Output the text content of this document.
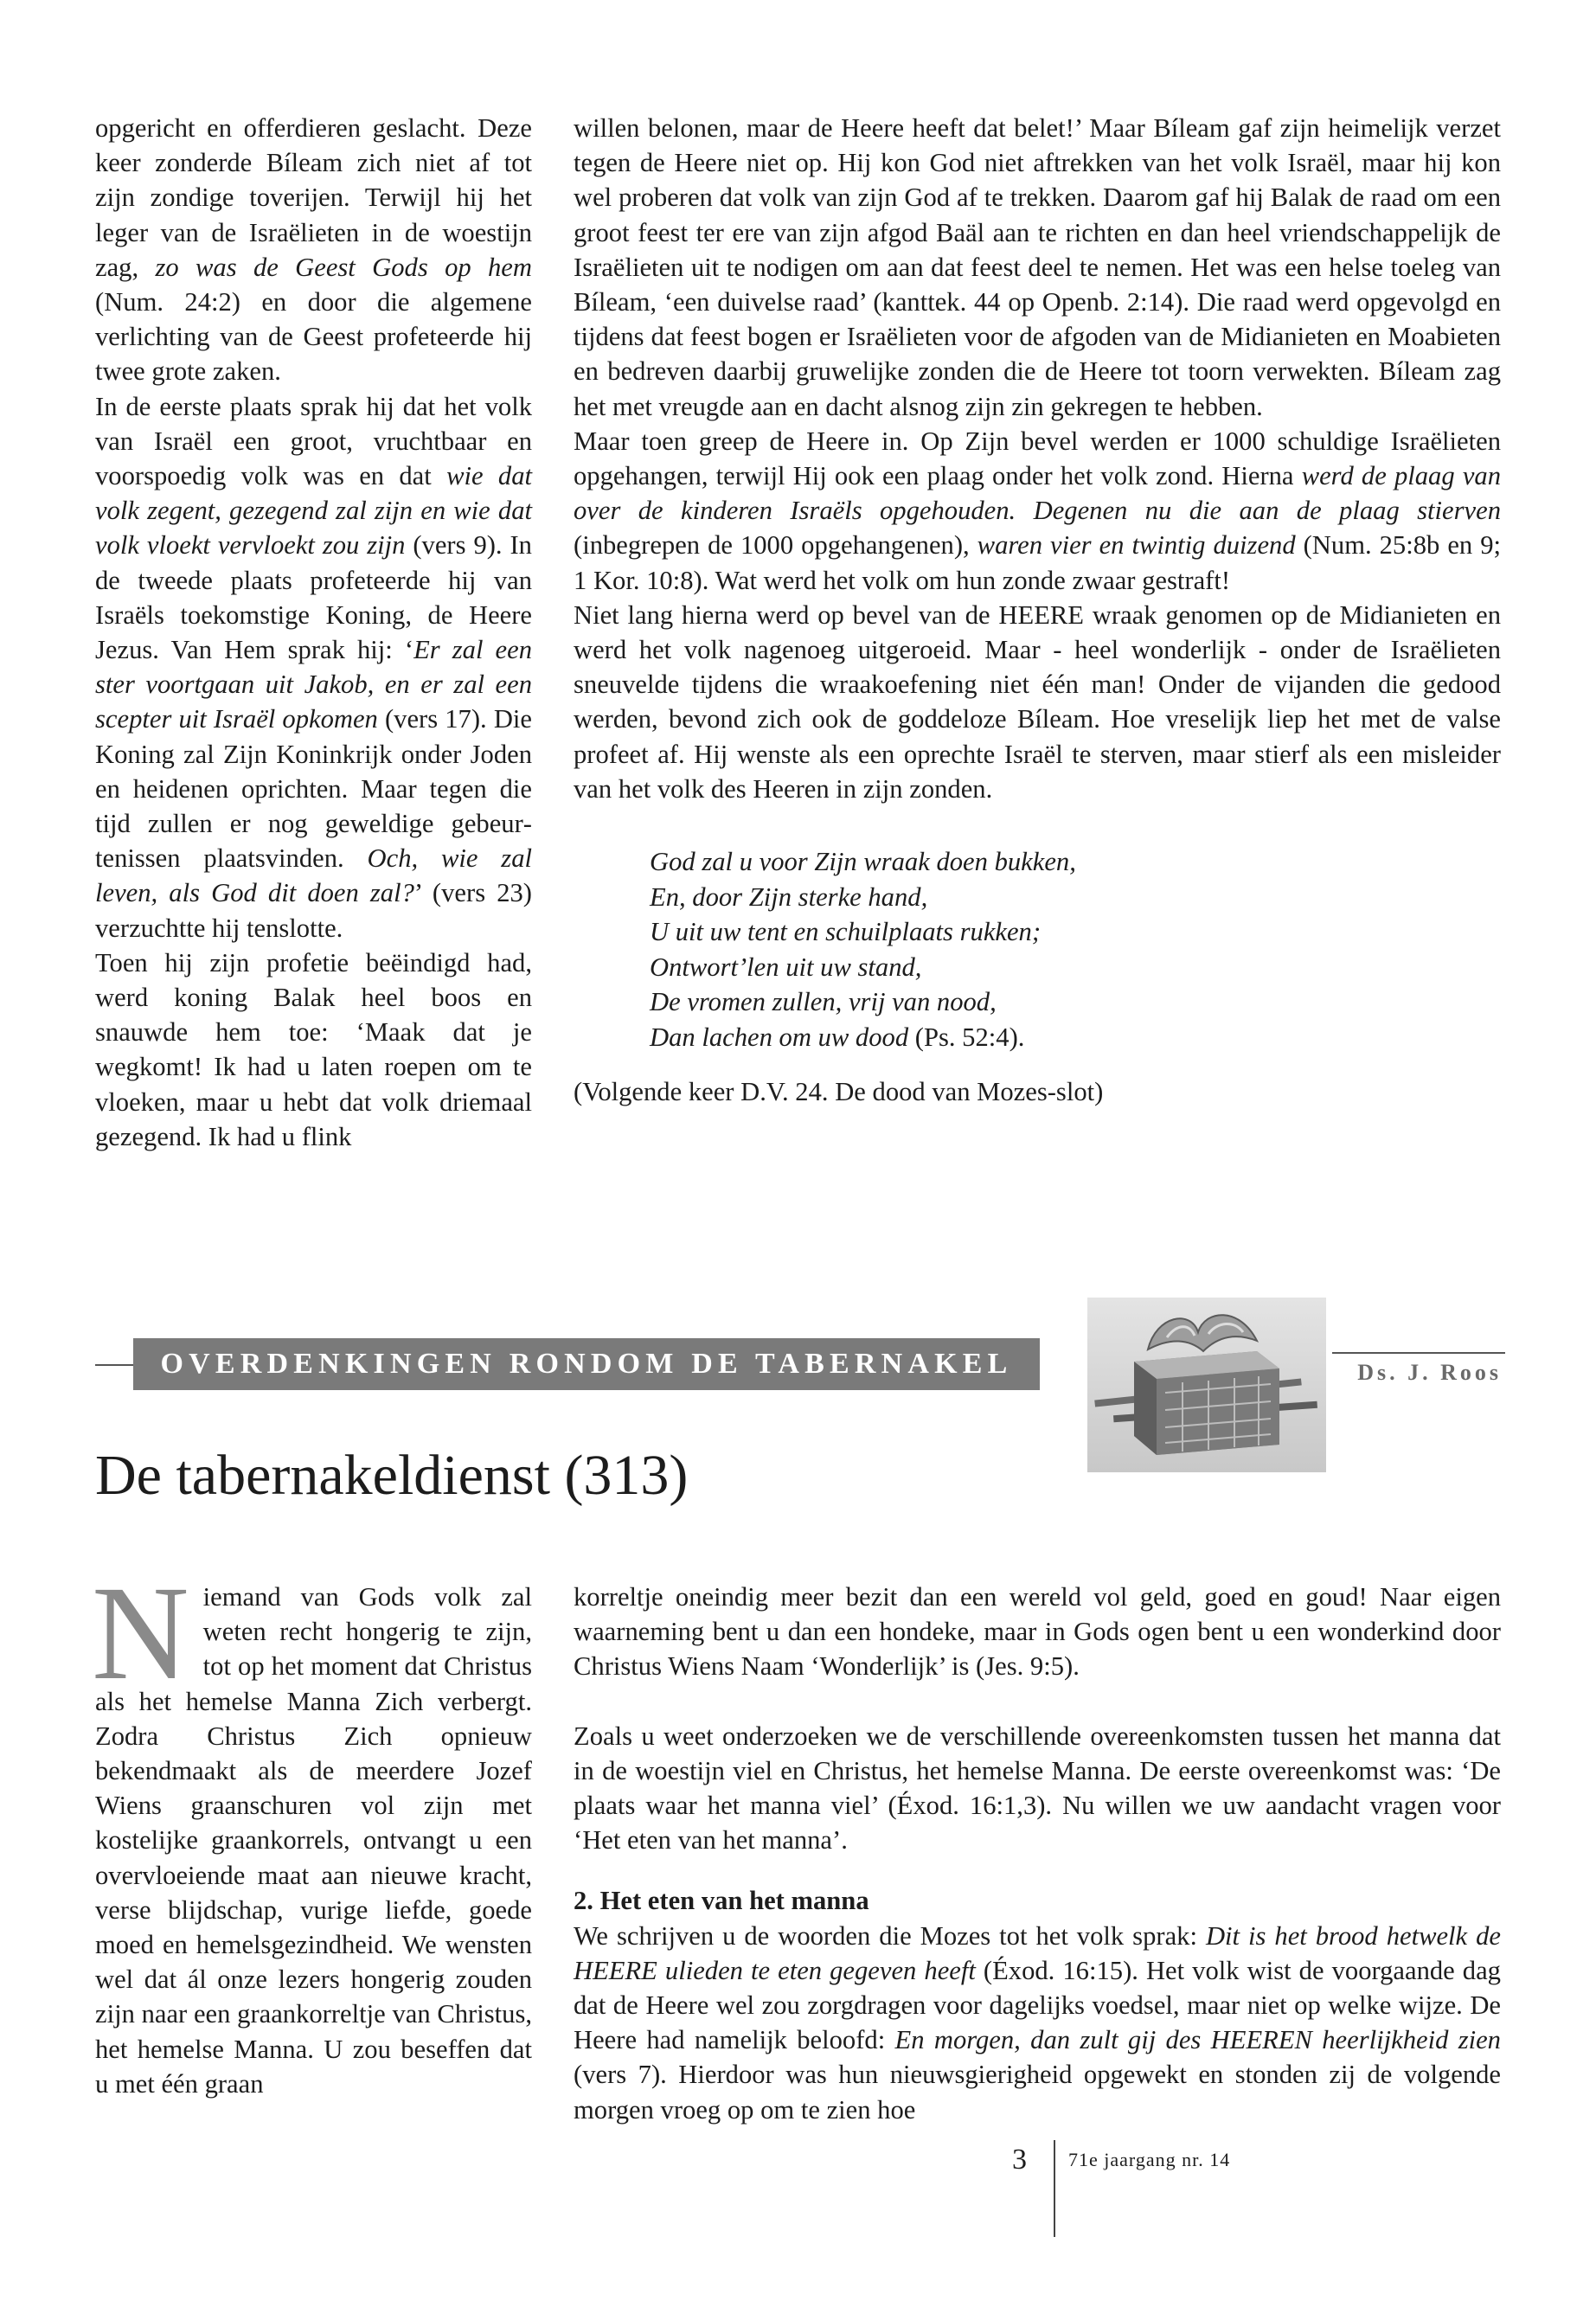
opgericht en offerdieren geslacht. Deze keer zonderde Bíleam zich niet af tot zijn zondige toverijen. Terwijl hij het leger van de Israëlieten in de woestijn zag, zo was de Geest Gods op hem (Num. 24:2) en door die algemene verlichting van de Geest profeteerde hij twee grote zaken.

In de eerste plaats sprak hij dat het volk van Israël een groot, vruchtbaar en voorspoedig volk was en dat wie dat volk zegent, gezegend zal zijn en wie dat volk vloekt vervloekt zou zijn (vers 9). In de tweede plaats profeteerde hij van Israëls toekomstige Koning, de Heere Jezus. Van Hem sprak hij: ‘Er zal een ster voortgaan uit Jakob, en er zal een scepter uit Israël opkomen (vers 17). Die Koning zal Zijn Koninkrijk onder Joden en heidenen oprichten. Maar tegen die tijd zullen er nog geweldige gebeurtenissen plaatsvinden. Och, wie zal leven, als God dit doen zal?’ (vers 23) verzuchtte hij tenslotte.

Toen hij zijn profetie beëindigd had, werd koning Balak heel boos en snauwde hem toe: ‘Maak dat je wegkomt! Ik had u laten roepen om te vloeken, maar u hebt dat volk driemaal gezegend. Ik had u flink

willen belonen, maar de Heere heeft dat belet!’ Maar Bíleam gaf zijn heimelijk verzet tegen de Heere niet op. Hij kon God niet aftrekken van het volk Israël, maar hij kon wel proberen dat volk van zijn God af te trekken. Daarom gaf hij Balak de raad om een groot feest ter ere van zijn afgod Baäl aan te richten en dan heel vriendschappelijk de Israëlieten uit te nodigen om aan dat feest deel te nemen. Het was een helse toeleg van Bíleam, ‘een duivelse raad’ (kanttek. 44 op Openb. 2:14). Die raad werd opgevolgd en tijdens dat feest bogen er Israëlieten voor de afgoden van de Midianieten en Moabieten en bedreven daarbij gruwelijke zonden die de Heere tot toorn verwekten. Bíleam zag het met vreugde aan en dacht alsnog zijn zin gekregen te hebben.

Maar toen greep de Heere in. Op Zijn bevel werden er 1000 schuldige Israëlieten opgehangen, terwijl Hij ook een plaag onder het volk zond. Hierna werd de plaag van over de kinderen Israëls opgehouden. Degenen nu die aan de plaag stierven (inbegrepen de 1000 opgehangenen), waren vier en twintig duizend (Num. 25:8b en 9; 1 Kor. 10:8). Wat werd het volk om hun zonde zwaar gestraft!

Niet lang hierna werd op bevel van de HEERE wraak genomen op de Midianieten en werd het volk nagenoeg uitgeroeid. Maar - heel wonderlijk - onder de Israëlieten sneuvelde tijdens die wraakoefening niet één man! Onder de vijanden die gedood werden, bevond zich ook de goddeloze Bíleam. Hoe vreselijk liep het met de valse profeet af. Hij wenste als een oprechte Israël te sterven, maar stierf als een misleider van het volk des Heeren in zijn zonden.

God zal u voor Zijn wraak doen bukken,
En, door Zijn sterke hand,
U uit uw tent en schuilplaats rukken;
Ontwort’len uit uw stand,
De vromen zullen, vrij van nood,
Dan lachen om uw dood (Ps. 52:4).

(Volgende keer D.V. 24. De dood van Mozes-slot)

OVERDENKINGEN RONDOM DE TABERNAKEL	Ds. J. Roos
De tabernakeldienst (313)

Niemand van Gods volk zal weten recht hongerig te zijn, tot op het moment dat Christus als het hemelse Manna Zich verbergt. Zodra Christus Zich opnieuw bekendmaakt als de meerdere Jozef Wiens graanschuren vol zijn met kostelijke graankorrels, ontvangt u een overvloeiende maat aan nieuwe kracht, verse blijdschap, vurige liefde, goede moed en hemelsgezindheid. We wensten wel dat ál onze lezers hongerig zouden zijn naar een graankorreltje van Christus, het hemelse Manna. U zou beseffen dat u met één graan

korreltje oneindig meer bezit dan een wereld vol geld, goed en goud! Naar eigen waarneming bent u dan een hondeke, maar in Gods ogen bent u een wonderkind door Christus Wiens Naam ‘Wonderlijk’ is (Jes. 9:5).

Zoals u weet onderzoeken we de verschillende overeenkomsten tussen het manna dat in de woestijn viel en Christus, het hemelse Manna. De eerste overeenkomst was: ‘De plaats waar het manna viel’ (Éxod. 16:1,3). Nu willen we uw aandacht vragen voor ‘Het eten van het manna’.

2. Het eten van het manna

We schrijven u de woorden die Mozes tot het volk sprak: Dit is het brood hetwelk de HEERE ulieden te eten gegeven heeft (Éxod. 16:15). Het volk wist de voorgaande dag dat de Heere wel zou zorgdragen voor dagelijks voedsel, maar niet op welke wijze. De Heere had namelijk beloofd: En morgen, dan zult gij des HEEREN heerlijkheid zien (vers 7). Hierdoor was hun nieuwsgierigheid opgewekt en stonden zij de volgende morgen vroeg op om te zien hoe

3 71e jaargang nr. 14
